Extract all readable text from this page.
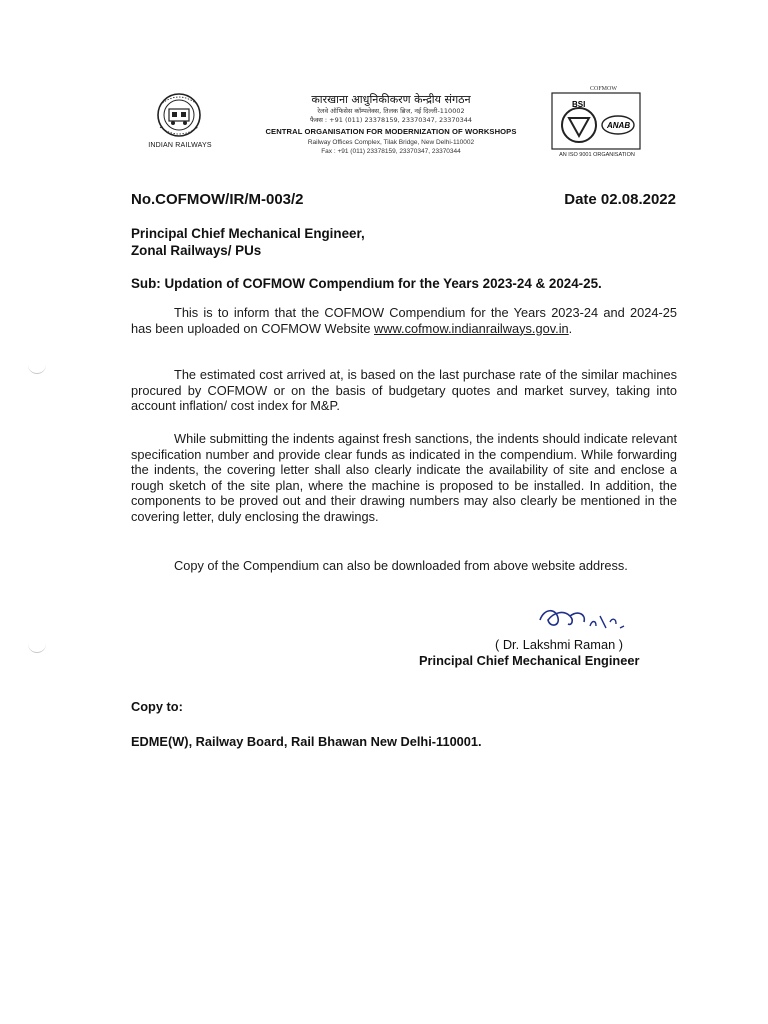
INDIAN RAILWAYS
कारखाना आधुनिकीकरण केन्द्रीय संगठन
रेलवे ऑफिसेस कॉम्पलेक्स, तिलक ब्रिज, नई दिल्ली-110002
फैक्स : +91 (011) 23378159, 23370347, 23370344
CENTRAL ORGANISATION FOR MODERNIZATION OF WORKSHOPS
Railway Offices Complex, Tilak Bridge, New Delhi-110002
Fax : +91 (011) 23378159, 23370347, 23370344
COFMOW
BSI
ANAB
AN ISO 9001 ORGANISATION
No.COFMOW/IR/M-003/2	Date 02.08.2022
Principal Chief Mechanical Engineer,
Zonal Railways/ PUs
Sub: Updation of COFMOW Compendium for the Years 2023-24 & 2024-25.
This is to inform that the COFMOW Compendium for the Years 2023-24 and 2024-25 has been uploaded on COFMOW Website www.cofmow.indianrailways.gov.in.
The estimated cost arrived at, is based on the last purchase rate of the similar machines procured by COFMOW or on the basis of budgetary quotes and market survey, taking into account inflation/ cost index for M&P.
While submitting the indents against fresh sanctions, the indents should indicate relevant specification number and provide clear funds as indicated in the compendium. While forwarding the indents, the covering letter shall also clearly indicate the availability of site and enclose a rough sketch of the site plan, where the machine is proposed to be installed. In addition, the components to be proved out and their drawing numbers may also clearly be mentioned in the covering letter, duly enclosing the drawings.
Copy of the Compendium can also be downloaded from above website address.
( Dr. Lakshmi Raman )
Principal Chief Mechanical Engineer
Copy to:
EDME(W), Railway Board, Rail Bhawan New Delhi-110001.
